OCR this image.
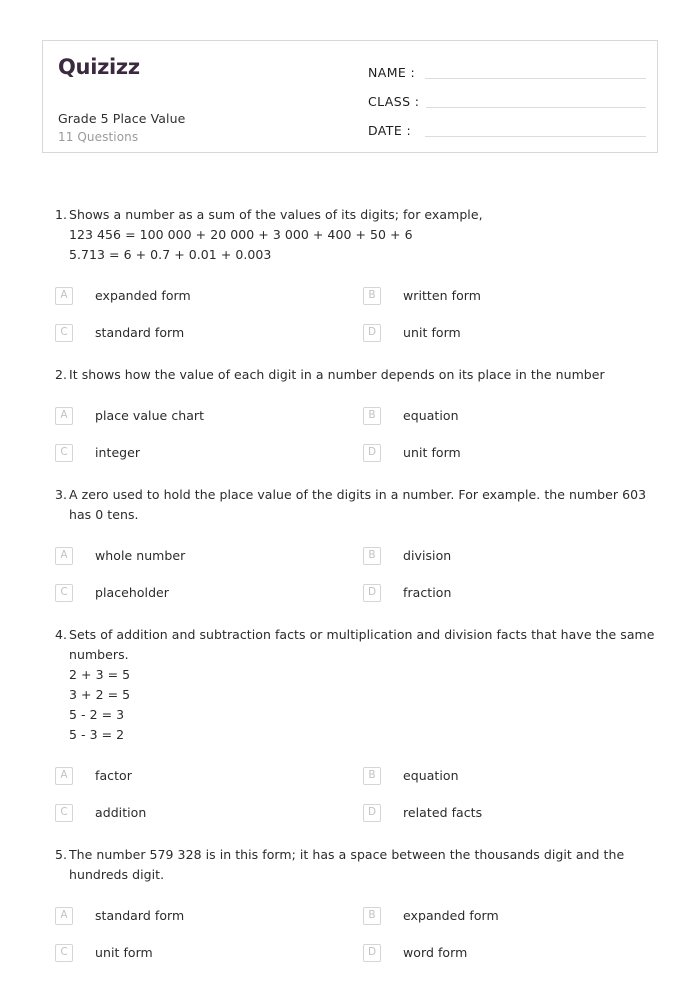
Quizizz
Grade 5 Place Value
11 Questions
NAME :
CLASS :
DATE :
1. Shows a number as a sum of the values of its digits; for example,
123 456 = 100 000 + 20 000 + 3 000 + 400 + 50 + 6
5.713 = 6 + 0.7 + 0.01 + 0.003
A	expanded form	B	written form
C	standard form	D	unit form
2. It shows how the value of each digit in a number depends on its place in the number
A	place value chart	B	equation
C	integer	D	unit form
3. A zero used to hold the place value of the digits in a number. For example. the number 603 has 0 tens.
A	whole number	B	division
C	placeholder	D	fraction
4. Sets of addition and subtraction facts or multiplication and division facts that have the same numbers.
2 + 3 = 5
3 + 2 = 5
5 - 2 = 3
5 - 3 = 2
A	factor	B	equation
C	addition	D	related facts
5. The number 579 328 is in this form; it has a space between the thousands digit and the hundreds digit.
A	standard form	B	expanded form
C	unit form	D	word form
